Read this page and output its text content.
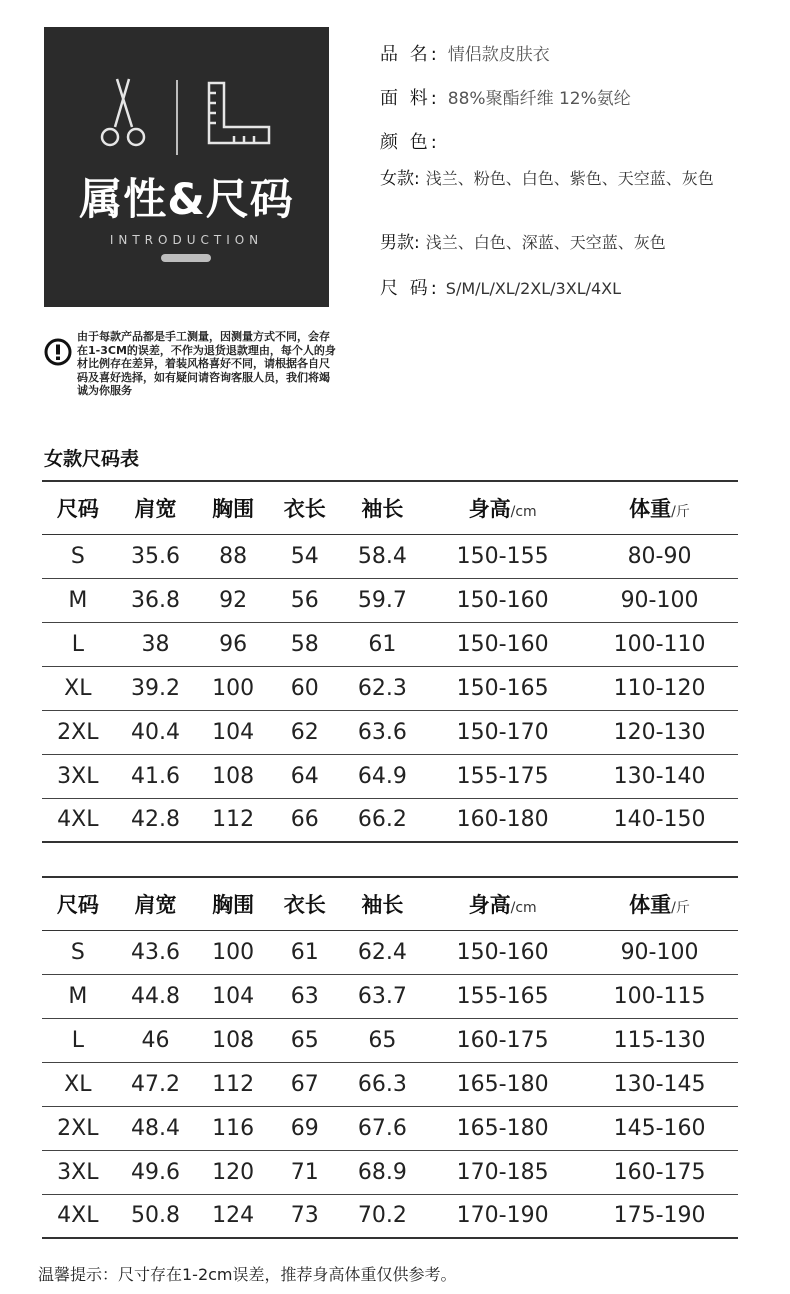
属性&尺码
INTRODUCTION
品 名: 情侣款皮肤衣
面 料: 88%聚酯纤维 12%氨纶
颜 色:
女款: 浅兰、粉色、白色、紫色、天空蓝、灰色
男款: 浅兰、白色、深蓝、天空蓝、灰色
尺 码: S/M/L/XL/2XL/3XL/4XL
由于每款产品都是手工测量，因测量方式不同，会存在1-3CM的误差，不作为退货退款理由，每个人的身材比例存在差异，着装风格喜好不同，请根据各自尺码及喜好选择，如有疑问请咨询客服人员，我们将竭诚为你服务
女款尺码表
尺码	肩宽	胸围	衣长	袖长	身高/cm	体重/斤
S	35.6	88	54	58.4	150-155	80-90
M	36.8	92	56	59.7	150-160	90-100
L	38	96	58	61	150-160	100-110
XL	39.2	100	60	62.3	150-165	110-120
2XL	40.4	104	62	63.6	150-170	120-130
3XL	41.6	108	64	64.9	155-175	130-140
4XL	42.8	112	66	66.2	160-180	140-150
尺码	肩宽	胸围	衣长	袖长	身高/cm	体重/斤
S	43.6	100	61	62.4	150-160	90-100
M	44.8	104	63	63.7	155-165	100-115
L	46	108	65	65	160-175	115-130
XL	47.2	112	67	66.3	165-180	130-145
2XL	48.4	116	69	67.6	165-180	145-160
3XL	49.6	120	71	68.9	170-185	160-175
4XL	50.8	124	73	70.2	170-190	175-190
温馨提示：尺寸存在1-2cm误差，推荐身高体重仅供参考。
